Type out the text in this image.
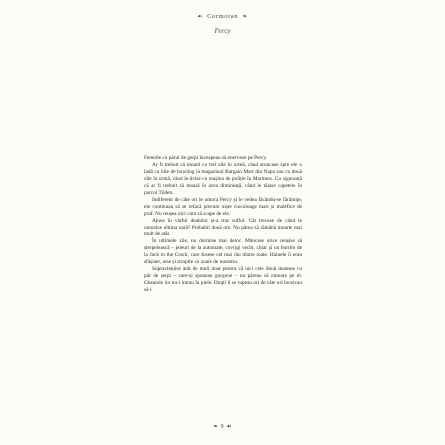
☙ Cormoran ❧
Percy

Femeile cu părul de gerpi înceapeau să enerveze pe Percy.

Ar fi trebuit să moară cu trei zile în urmă, când aruncase spre ele o ladă cu bile de bowling la magazinul Bargain Mart din Napa sau cu două zile în urmă, când le-ăvise cu mașina de poliție în Martinez. Cu siguranță că ar fi trebuit să moară în acea dimineață, când le tăiase capetele în parcul Tilden.

Indiferent de câte ori le omora Percy și le vedea făcându-se fărâmițe, ele continuau să se refacă precum niște ciocoloage mari și malefice de praf. Nu reușea nici cum să scape de ele.

Ajuns în vârful dealului și-a tras suflul. Cât trecuse de când le omorâse ultima oară? Probabil două ore. Nu părea să rămână moarte mai mult de atât.

În ultimele zile, nu dormise mai deloc. Mâncase orice reușise să șterpelească – jeleuri de la automate, covrigi vechi, chiar și un burrito de la Jack in the Crack, care fusese cel mai rău dintre toate. Hainele îi erau sfâșiate, arse și stropite cu zoaie de monstru.

Supraviețuise atât de mult doar pentru că nici cele două doamne cu păr de șerpi – care-și spuneau gorgone – nu păreau să omoare pe el. Ghearele lor nu-i intrau în piele. Dinții li se rupeau ori de câte ori încercau să-l

❧ 9 ☙
